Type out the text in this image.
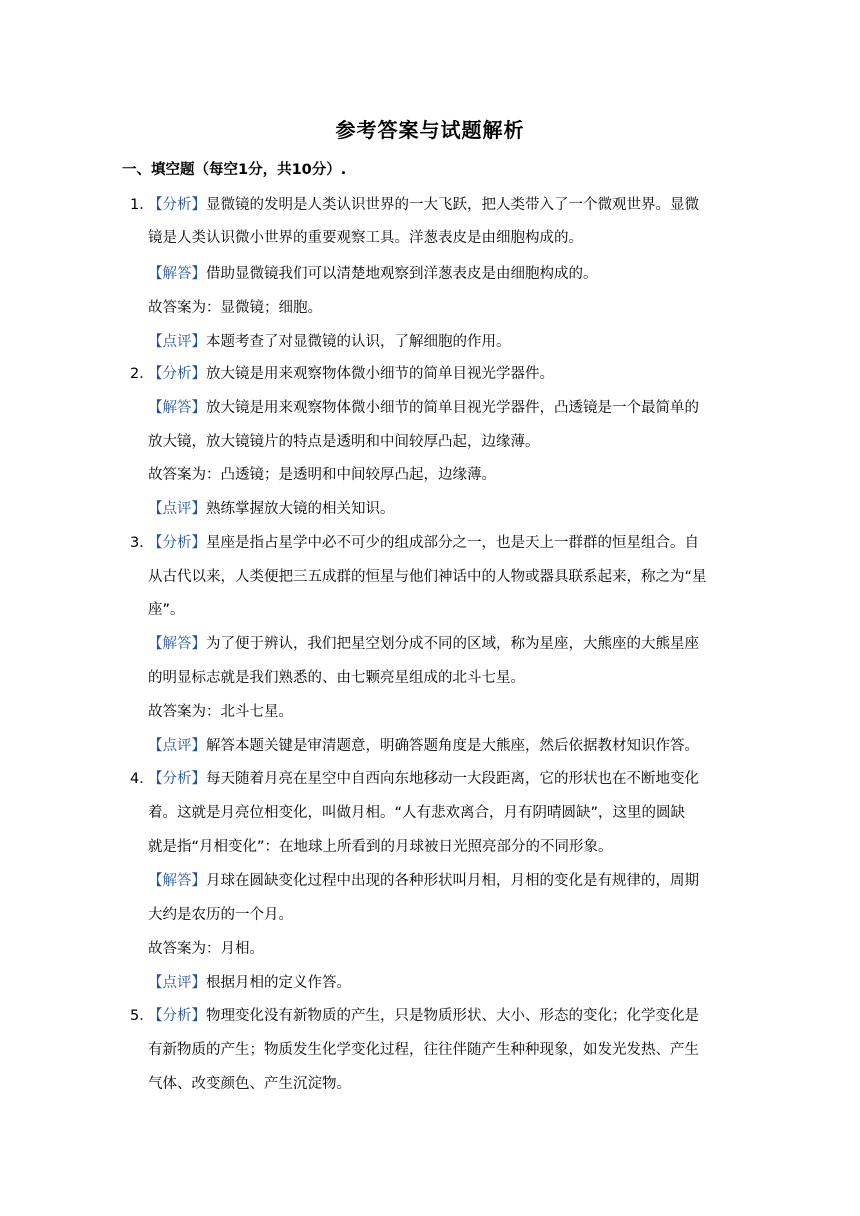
参考答案与试题解析
一、填空题（每空1分，共10分）.
1．
【分析】显微镜的发明是人类认识世界的一大飞跃，把人类带入了一个微观世界。显微
镜是人类认识微小世界的重要观察工具。洋葱表皮是由细胞构成的。
【解答】借助显微镜我们可以清楚地观察到洋葱表皮是由细胞构成的。
故答案为：显微镜；细胞。
【点评】本题考查了对显微镜的认识，了解细胞的作用。
2．
【分析】放大镜是用来观察物体微小细节的简单目视光学器件。
【解答】放大镜是用来观察物体微小细节的简单目视光学器件，凸透镜是一个最简单的
放大镜，放大镜镜片的特点是透明和中间较厚凸起，边缘薄。
故答案为：凸透镜；是透明和中间较厚凸起，边缘薄。
【点评】熟练掌握放大镜的相关知识。
3．
【分析】星座是指占星学中必不可少的组成部分之一，也是天上一群群的恒星组合。自
从古代以来，人类便把三五成群的恒星与他们神话中的人物或器具联系起来，称之为“星
座”。
【解答】为了便于辨认，我们把星空划分成不同的区域，称为星座，大熊座的大熊星座
的明显标志就是我们熟悉的、由七颗亮星组成的北斗七星。
故答案为：北斗七星。
【点评】解答本题关键是审清题意，明确答题角度是大熊座，然后依据教材知识作答。
4．
【分析】每天随着月亮在星空中自西向东地移动一大段距离，它的形状也在不断地变化
着。这就是月亮位相变化，叫做月相。“人有悲欢离合，月有阴晴圆缺”，这里的圆缺
就是指“月相变化”：在地球上所看到的月球被日光照亮部分的不同形象。
【解答】月球在圆缺变化过程中出现的各种形状叫月相，月相的变化是有规律的，周期
大约是农历的一个月。
故答案为：月相。
【点评】根据月相的定义作答。
5．
【分析】物理变化没有新物质的产生，只是物质形状、大小、形态的变化；化学变化是
有新物质的产生；物质发生化学变化过程，往往伴随产生种种现象，如发光发热、产生
气体、改变颜色、产生沉淀物。
